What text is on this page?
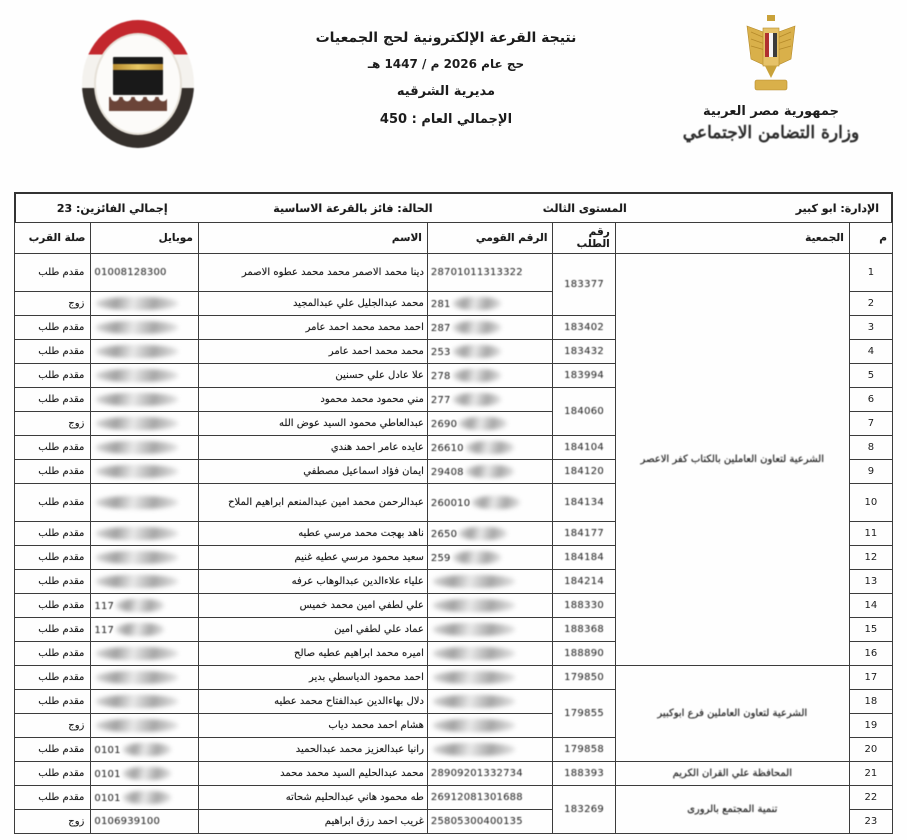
نتيجة القرعة الإلكترونية لحج الجمعيات
حج عام 2026 م / 1447 هـ
مديرية الشرقيه
الإجمالي العام : 450
جمهورية مصر العربية
وزارة التضامن الاجتماعي
الإدارة: ابو كبير
المستوى الثالث
الحالة: فائز بالقرعة الاساسية
إجمالي الفائزين: 23
م	الجمعية	رقم الطلب	الرقم القومي	الاسم	موبايل	صلة القرب
1	الشرعية لتعاون العاملين بالكتاب كفر الاعصر	183377	28701011313322	دينا محمد الاصمر محمد محمد عطوه الاصمر	01008128300	مقدم طلب
2			281	محمد عبدالجليل علي عبدالمجيد		زوج
3		183402	287	احمد محمد محمد احمد عامر		مقدم طلب
4		183432	253	محمد محمد احمد عامر		مقدم طلب
5		183994	278	علا عادل علي حسنين		مقدم طلب
6		184060	277	مني محمود محمد محمود		مقدم طلب
7			2690	عبدالعاطي محمود السيد عوض الله		زوج
8		184104	26610	عايده عامر احمد هندي		مقدم طلب
9		184120	29408	ايمان فؤاد اسماعيل مصطفي		مقدم طلب
10		184134	260010	عبدالرحمن محمد امين عبدالمنعم ابراهيم الملاح		مقدم طلب
11		184177	2650	ناهد بهجت محمد مرسي عطيه		مقدم طلب
12		184184	259	سعيد محمود مرسي عطيه غنيم		مقدم طلب
13		184214		علياء علاءالدين عبدالوهاب عرفه		مقدم طلب
14		188330		علي لطفي امين محمد خميس	117	مقدم طلب
15		188368		عماد علي لطفي امين	117	مقدم طلب
16		188890		اميره محمد ابراهيم عطيه صالح		مقدم طلب
17	الشرعية لتعاون العاملين فرع ابوكبير	179850		احمد محمود الدياسطي بدير		مقدم طلب
18		179855		دلال بهاءالدين عبدالفتاح محمد عطيه		مقدم طلب
19				هشام احمد محمد دياب		زوج
20		179858		رانيا عبدالعزيز محمد عبدالحميد	0101	مقدم طلب
21	المحافظة علي القران الكريم	188393	28909201332734	محمد عبدالحليم السيد محمد محمد	0101	مقدم طلب
22	تنمية المجتمع بالرورى	183269	26912081301688	طه محمود هاني عبدالحليم شحاته	0101	مقدم طلب
23			25805300400135	غريب احمد رزق ابراهيم	0106939100	زوج
